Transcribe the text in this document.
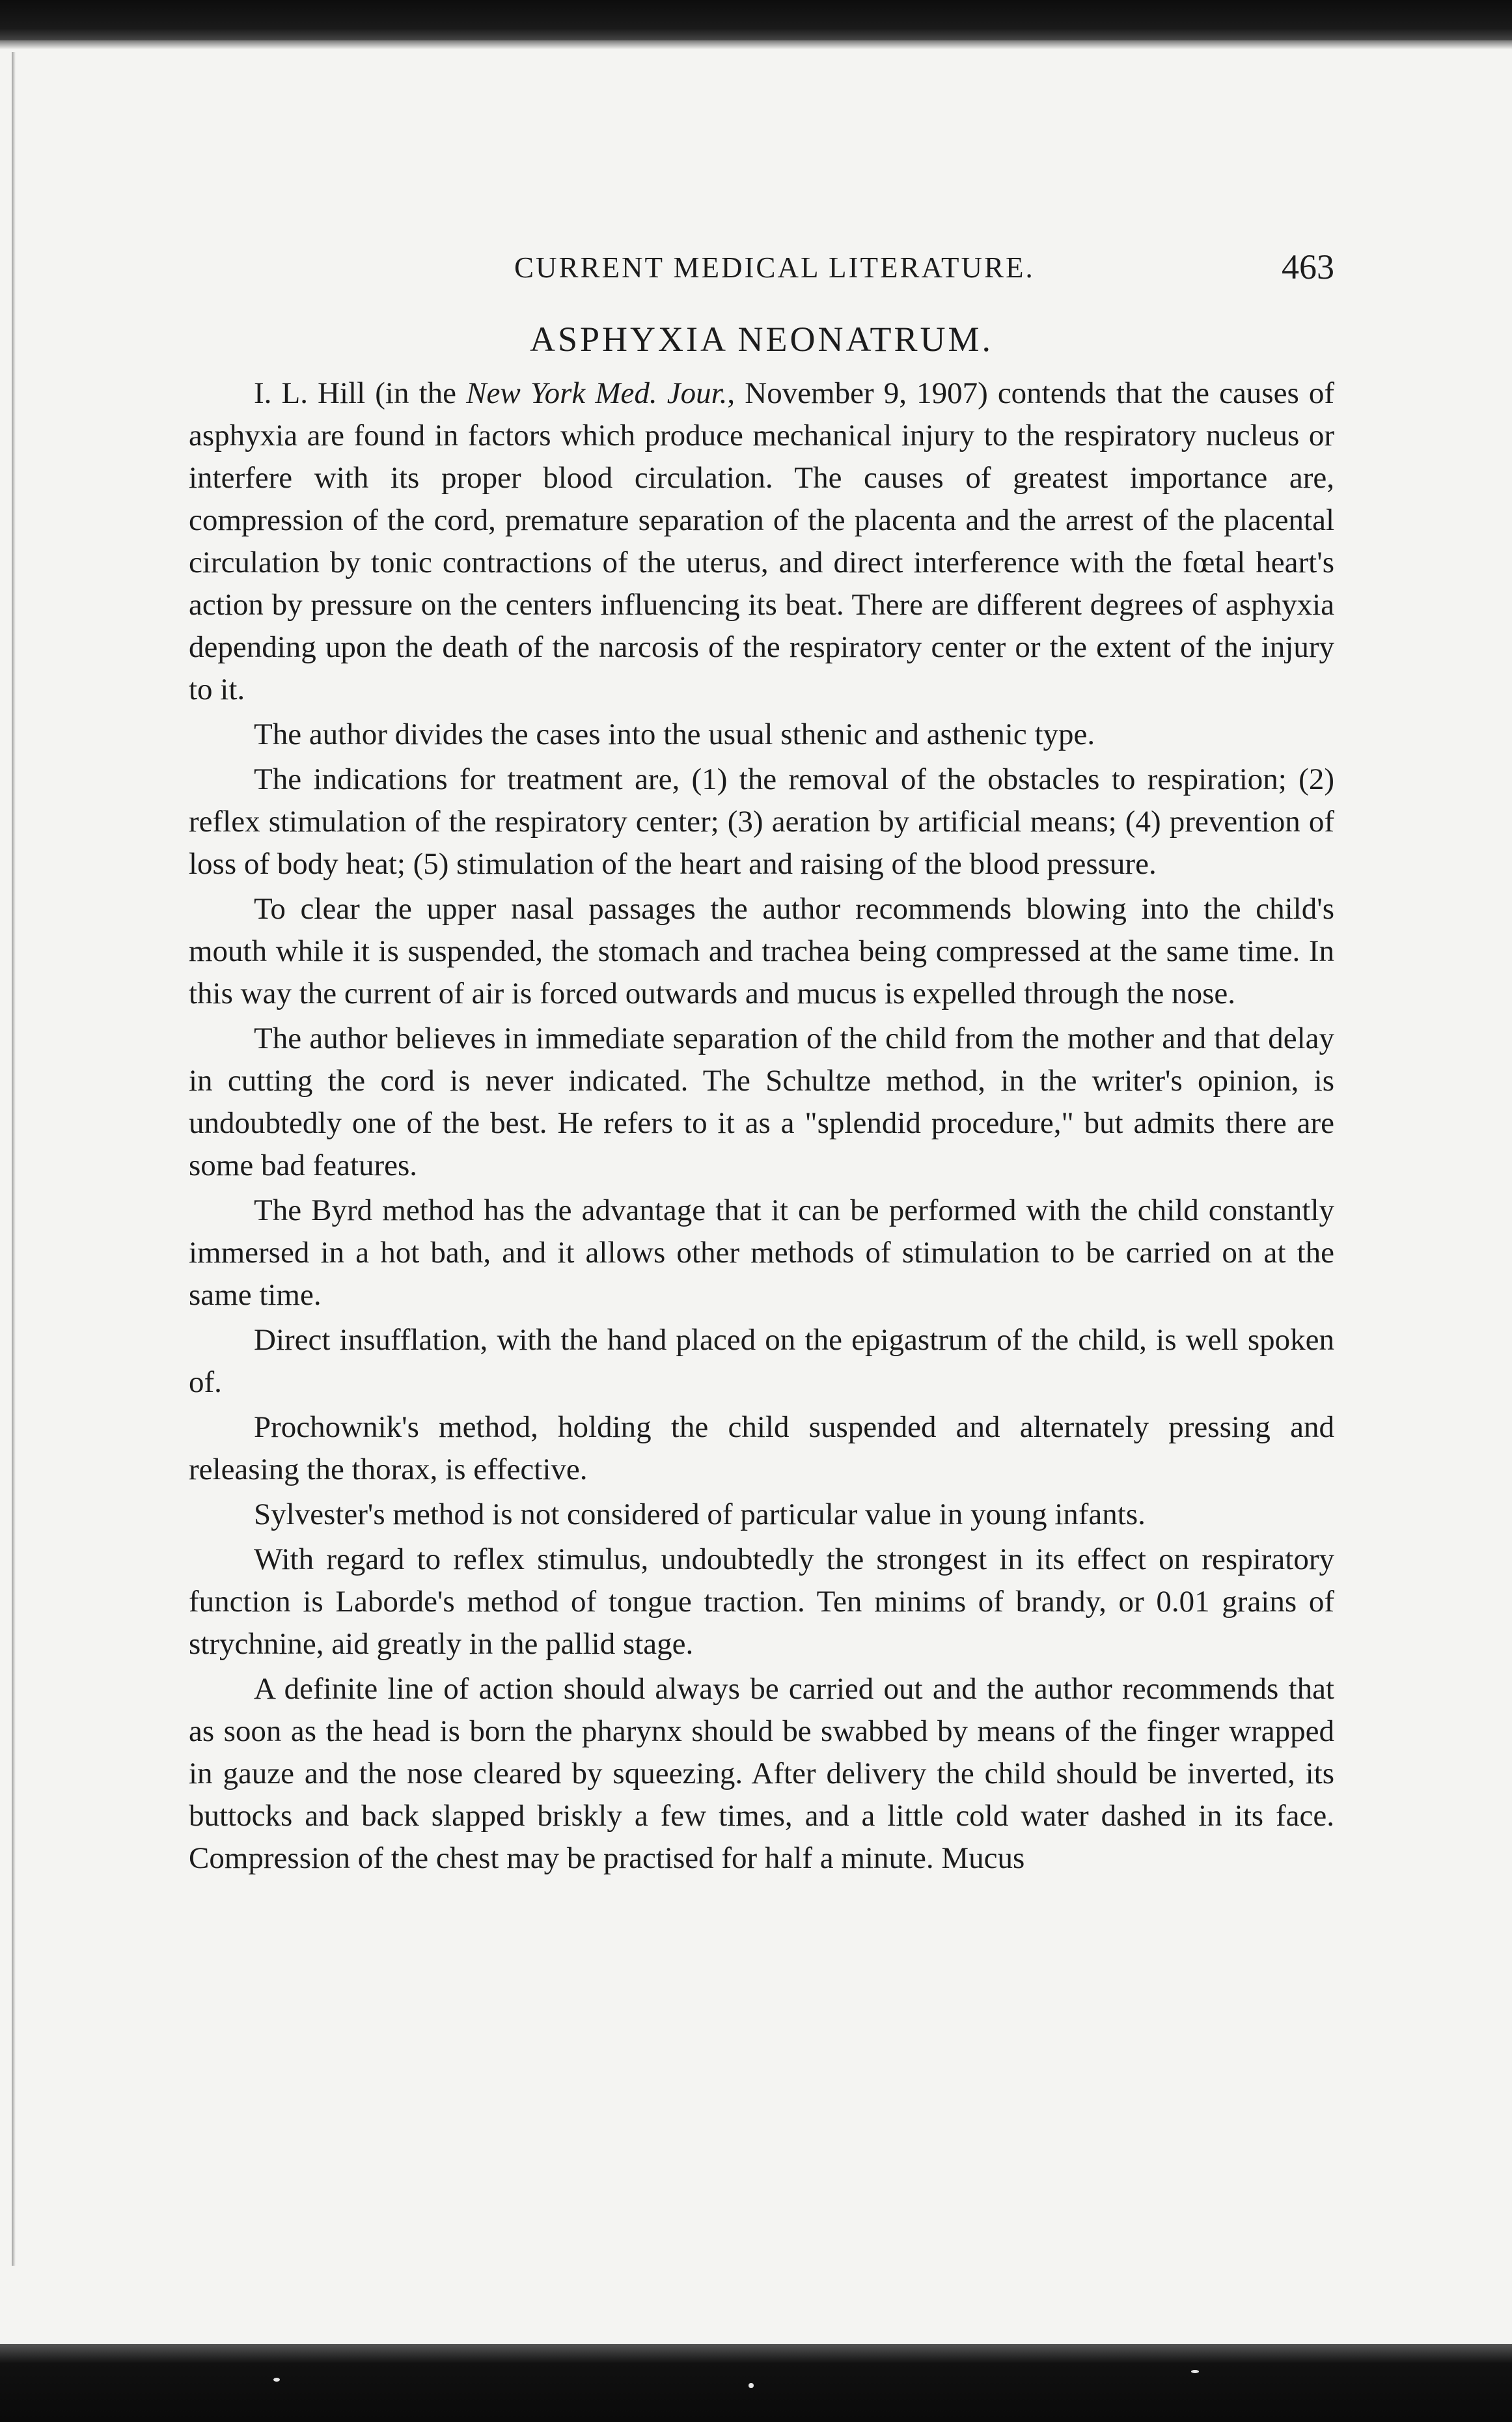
CURRENT MEDICAL LITERATURE.	463
ASPHYXIA NEONATRUM.

I. L. Hill (in the New York Med. Jour., November 9, 1907) contends that the causes of asphyxia are found in factors which produce mechanical injury to the respiratory nucleus or interfere with its proper blood circulation. The causes of greatest importance are, compression of the cord, premature separation of the placenta and the arrest of the placental circulation by tonic contractions of the uterus, and direct interference with the fœtal heart's action by pressure on the centers influencing its beat. There are different degrees of asphyxia depending upon the death of the narcosis of the respiratory center or the extent of the injury to it.

The author divides the cases into the usual sthenic and asthenic type.

The indications for treatment are, (1) the removal of the obstacles to respiration; (2) reflex stimulation of the respiratory center; (3) aeration by artificial means; (4) prevention of loss of body heat; (5) stimulation of the heart and raising of the blood pressure.

To clear the upper nasal passages the author recommends blowing into the child's mouth while it is suspended, the stomach and trachea being compressed at the same time. In this way the current of air is forced outwards and mucus is expelled through the nose.

The author believes in immediate separation of the child from the mother and that delay in cutting the cord is never indicated. The Schultze method, in the writer's opinion, is undoubtedly one of the best. He refers to it as a "splendid procedure," but admits there are some bad features.

The Byrd method has the advantage that it can be performed with the child constantly immersed in a hot bath, and it allows other methods of stimulation to be carried on at the same time.

Direct insufflation, with the hand placed on the epigastrum of the child, is well spoken of.

Prochownik's method, holding the child suspended and alternately pressing and releasing the thorax, is effective.

Sylvester's method is not considered of particular value in young infants.

With regard to reflex stimulus, undoubtedly the strongest in its effect on respiratory function is Laborde's method of tongue traction. Ten minims of brandy, or 0.01 grains of strychnine, aid greatly in the pallid stage.

A definite line of action should always be carried out and the author recommends that as soon as the head is born the pharynx should be swabbed by means of the finger wrapped in gauze and the nose cleared by squeezing. After delivery the child should be inverted, its buttocks and back slapped briskly a few times, and a little cold water dashed in its face. Compression of the chest may be practised for half a minute. Mucus
